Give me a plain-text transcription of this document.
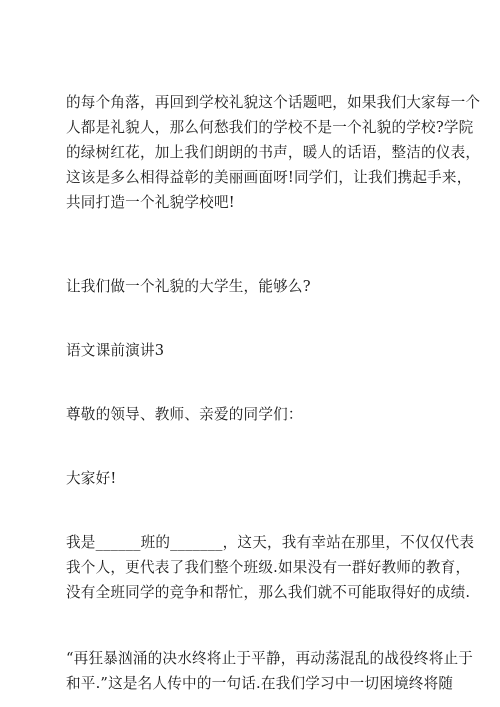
的每个角落，再回到学校礼貌这个话题吧，如果我们大家每一个
人都是礼貌人，那么何愁我们的学校不是一个礼貌的学校?学院
的绿树红花，加上我们朗朗的书声，暖人的话语，整洁的仪表，
这该是多么相得益彰的美丽画面呀!同学们，让我们携起手来，
共同打造一个礼貌学校吧!

让我们做一个礼貌的大学生，能够么?

语文课前演讲3

尊敬的领导、教师、亲爱的同学们：

大家好!

我是______班的_______，这天，我有幸站在那里，不仅仅代表
我个人，更代表了我们整个班级.如果没有一群好教师的教育，
没有全班同学的竞争和帮忙，那么我们就不可能取得好的成绩.

“再狂暴汹涌的决水终将止于平静，再动荡混乱的战役终将止于
和平.”这是名人传中的一句话.在我们学习中一切困境终将随
